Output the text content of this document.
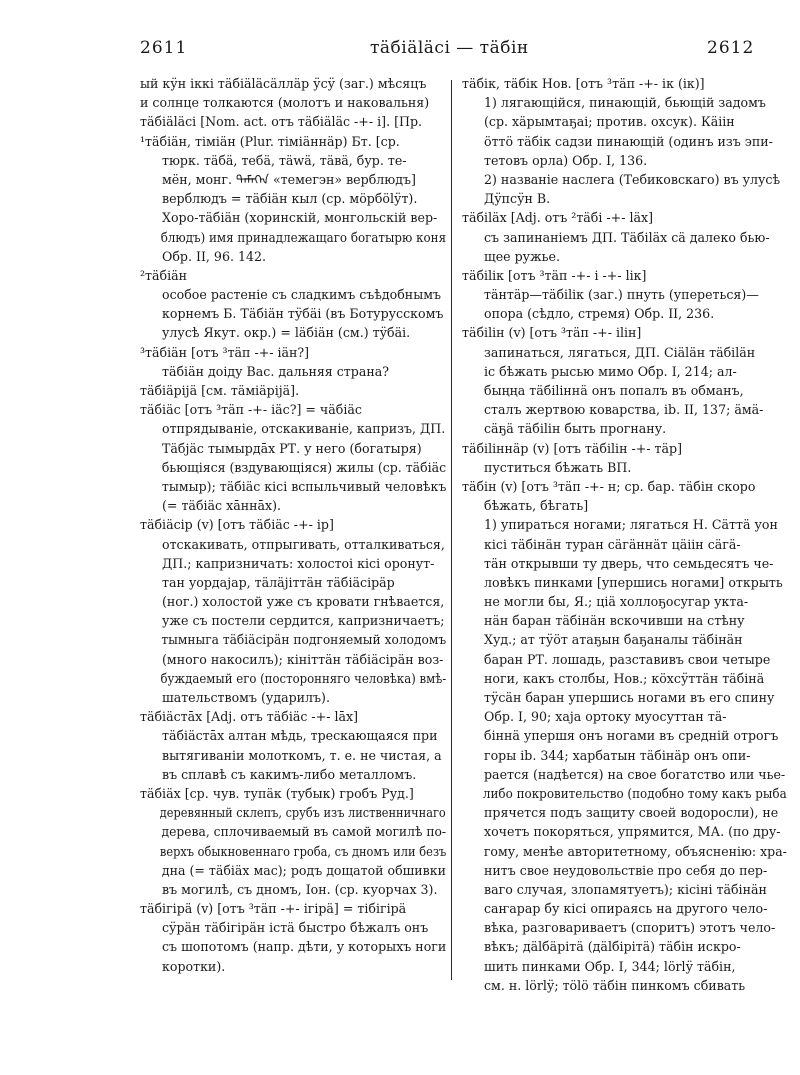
2611	тäбiäläсi — тäбiн	2612
ый кӱн іккі тäбiäläсäллäр ӱсӱ (заг.) мѣсяцъ
и солнце толкаются (молотъ и наковальня)
тäбiäläсi [Nom. act. отъ тäбiäläс -+- і]. [Пр.
¹тäбiäн, тімiäн (Plur. тімiäннäр) Бт. [ср.
тюрк. тäбä, тебä, тäwä, тäвä, бур. те-
мён, монг. ᠲᠡᠮᠡᠭᠡᠨ «темегэн» верблюдъ]
верблюдъ = тäбiäн кыл (ср. мӧрбӧlӱт).
Хоро-тäбiäн (хоринскій, монгольскій вер-
блюдъ) имя принадлежащаго богатырю коня
Обр. II, 96. 142.
²тäбiäн
особое растеніе съ сладкимъ съѣдобнымъ
корнемъ Б. Тäбiäн тӱбӓi (въ Ботурусскомъ
улусѣ Якут. окр.) = lӓбiäн (см.) тӱбӓi.
³тäбiäн [отъ ³тäп -+- iäн?]
тäбiäн доiду Вас. дальняя страна?
тäбiäрiјä [см. тäмiäрiјä].
тäбiäс [отъ ³тäп -+- iäс?] = чäбiäс
отпрядываніе, отскакиваніе, капризъ, ДП.
Тäбјäс тымырдāх РТ. у него (богатыря)
бьющіяся (вздувающіяся) жилы (ср. тäбiäс
тымыр); тäбiäс кісі вспыльчивый человѣкъ
(= тäбiäс хāннāх).
тäбiäсір (v) [отъ тäбiäс -+- ір]
отскакивать, отпрыгивать, отталкиваться,
ДП.; капризничать: холостоi кісі оронут-
тан уордаjар, тäлäjiттäн тäбiäсiрäр
(ног.) холостой уже съ кровати гнѣвается,
уже съ постели сердится, капризничаетъ;
тымныга тäбiäсiрäн подгоняемый холодомъ
(много накосилъ); кініттäн тäбiäсiрäн воз-
буждаемый его (посторонняго человѣка) вмѣ-
шательствомъ (ударилъ).
тäбiäстāх [Adj. отъ тäбiäс -+- lāх]
тäбiäстāх алтан мѣдь, трескающаяся при
вытягиваніи молоткомъ, т. е. не чистая, а
въ сплавѣ съ какимъ-либо металломъ.
тäбiäх [ср. чув. тупäк (тубык) гробъ Руд.]
деревянный склепъ, срубъ изъ лиственничнаго
дерева, сплочиваемый въ самой могилѣ по-
верхъ обыкновеннаго гроба, съ дномъ или безъ
дна (= тäбiäх мас); родъ дощатой обшивки
въ могилѣ, съ дномъ, Іон. (ср. куорчах 3).
тäбiгiрä (v) [отъ ³тäп -+- iгiрä] = тiбiгiрä
сӱрäн тäбiгiрäн істä быстро бѣжалъ онъ
съ шопотомъ (напр. дѣти, у которыхъ ноги
коротки).
тäбiк, тäбiк Нов. [отъ ³тäп -+- iк (iк)]
1) лягающійся, пинающій, бьющій задомъ
(ср. хäрымтаҕаi; против. охсук). Кäiiн
öттö тäбiк садзи пинающій (одинъ изъ эпи-
тетовъ орла) Обр. I, 136.
2) названіе наслега (Тебиковскаго) въ улусѣ
Дӱпсӱн В.
тäбiläх [Adj. отъ ²тäбi -+- läх]
съ запинаніемъ ДП. Тäбiläх сä далеко бью-
щее ружье.
тäбiliк [отъ ³тäп -+- i -+- liк]
тäнтäр—тäбiliк (заг.) пнуть (упереться)—
опора (сѣдло, стремя) Обр. II, 236.
тäбiliн (v) [отъ ³тäп -+- iliн]
запинаться, лягаться, ДП. Сiäläн тäбiläн
ic бѣжать рысью мимо Обр. I, 214; ал-
быңңа тäбiliннä онъ попалъ въ обманъ,
сталъ жертвою коварства, ib. II, 137; äмä-
сäҕä тäбiliн быть прогнану.
тäбiliннäр (v) [отъ тäбiliн -+- тäр]
пуститься бѣжать ВП.
тäбiн (v) [отъ ³тäп -+- н; ср. бар. тäбiн скоро
бѣжать, бѣгать]
1) упираться ногами; лягаться Н. Сäттä уон
кісі тäбiнäн туран сäгäннäт цäiiн сäгä-
тäн открывши ту дверь, что семьдесятъ че-
ловѣкъ пинками [упершись ногами] открыть
не могли бы, Я.; цiä холлоҕосугар укта-
нäн баран тäбiнäн вскочивши на стѣну
Худ.; ат тӱöт атаҕын баҕаналы тäбiнäн
баран РТ. лошадь, разставивъ свои четыре
ноги, какъ столбы, Нов.; кöхсӱттäн тäбiнä
тӱсäн баран упершись ногами въ его спину
Обр. I, 90; хаjа ортоку муосуттан тä-
бiннä упершя онъ ногами въ средній отрогъ
горы ib. 344; харбатын тäбiнäр онъ опи-
рается (надѣется) на свое богатство или чье-
либо покровительство (подобно тому какъ рыба
прячется подъ защиту своей водоросли), не
хочетъ покоряться, упрямится, МА. (по дру-
гому, менѣе авторитетному, объясненію: хра-
нитъ свое неудовольствіе про себя до пер-
ваго случая, злопамятуетъ); кісiнi тäбiнäн
саҥарар бу кісі опираясь на другого чело-
вѣка, разговариваетъ (споритъ) этотъ чело-
вѣкъ; дälбäрiтä (дälбiрiтä) тäбiн искро-
шить пинками Обр. I, 344; lӧrlӱ тäбiн,
см. н. lӧrlӱ; тӧlӧ тäбiн пинкомъ сбивать
